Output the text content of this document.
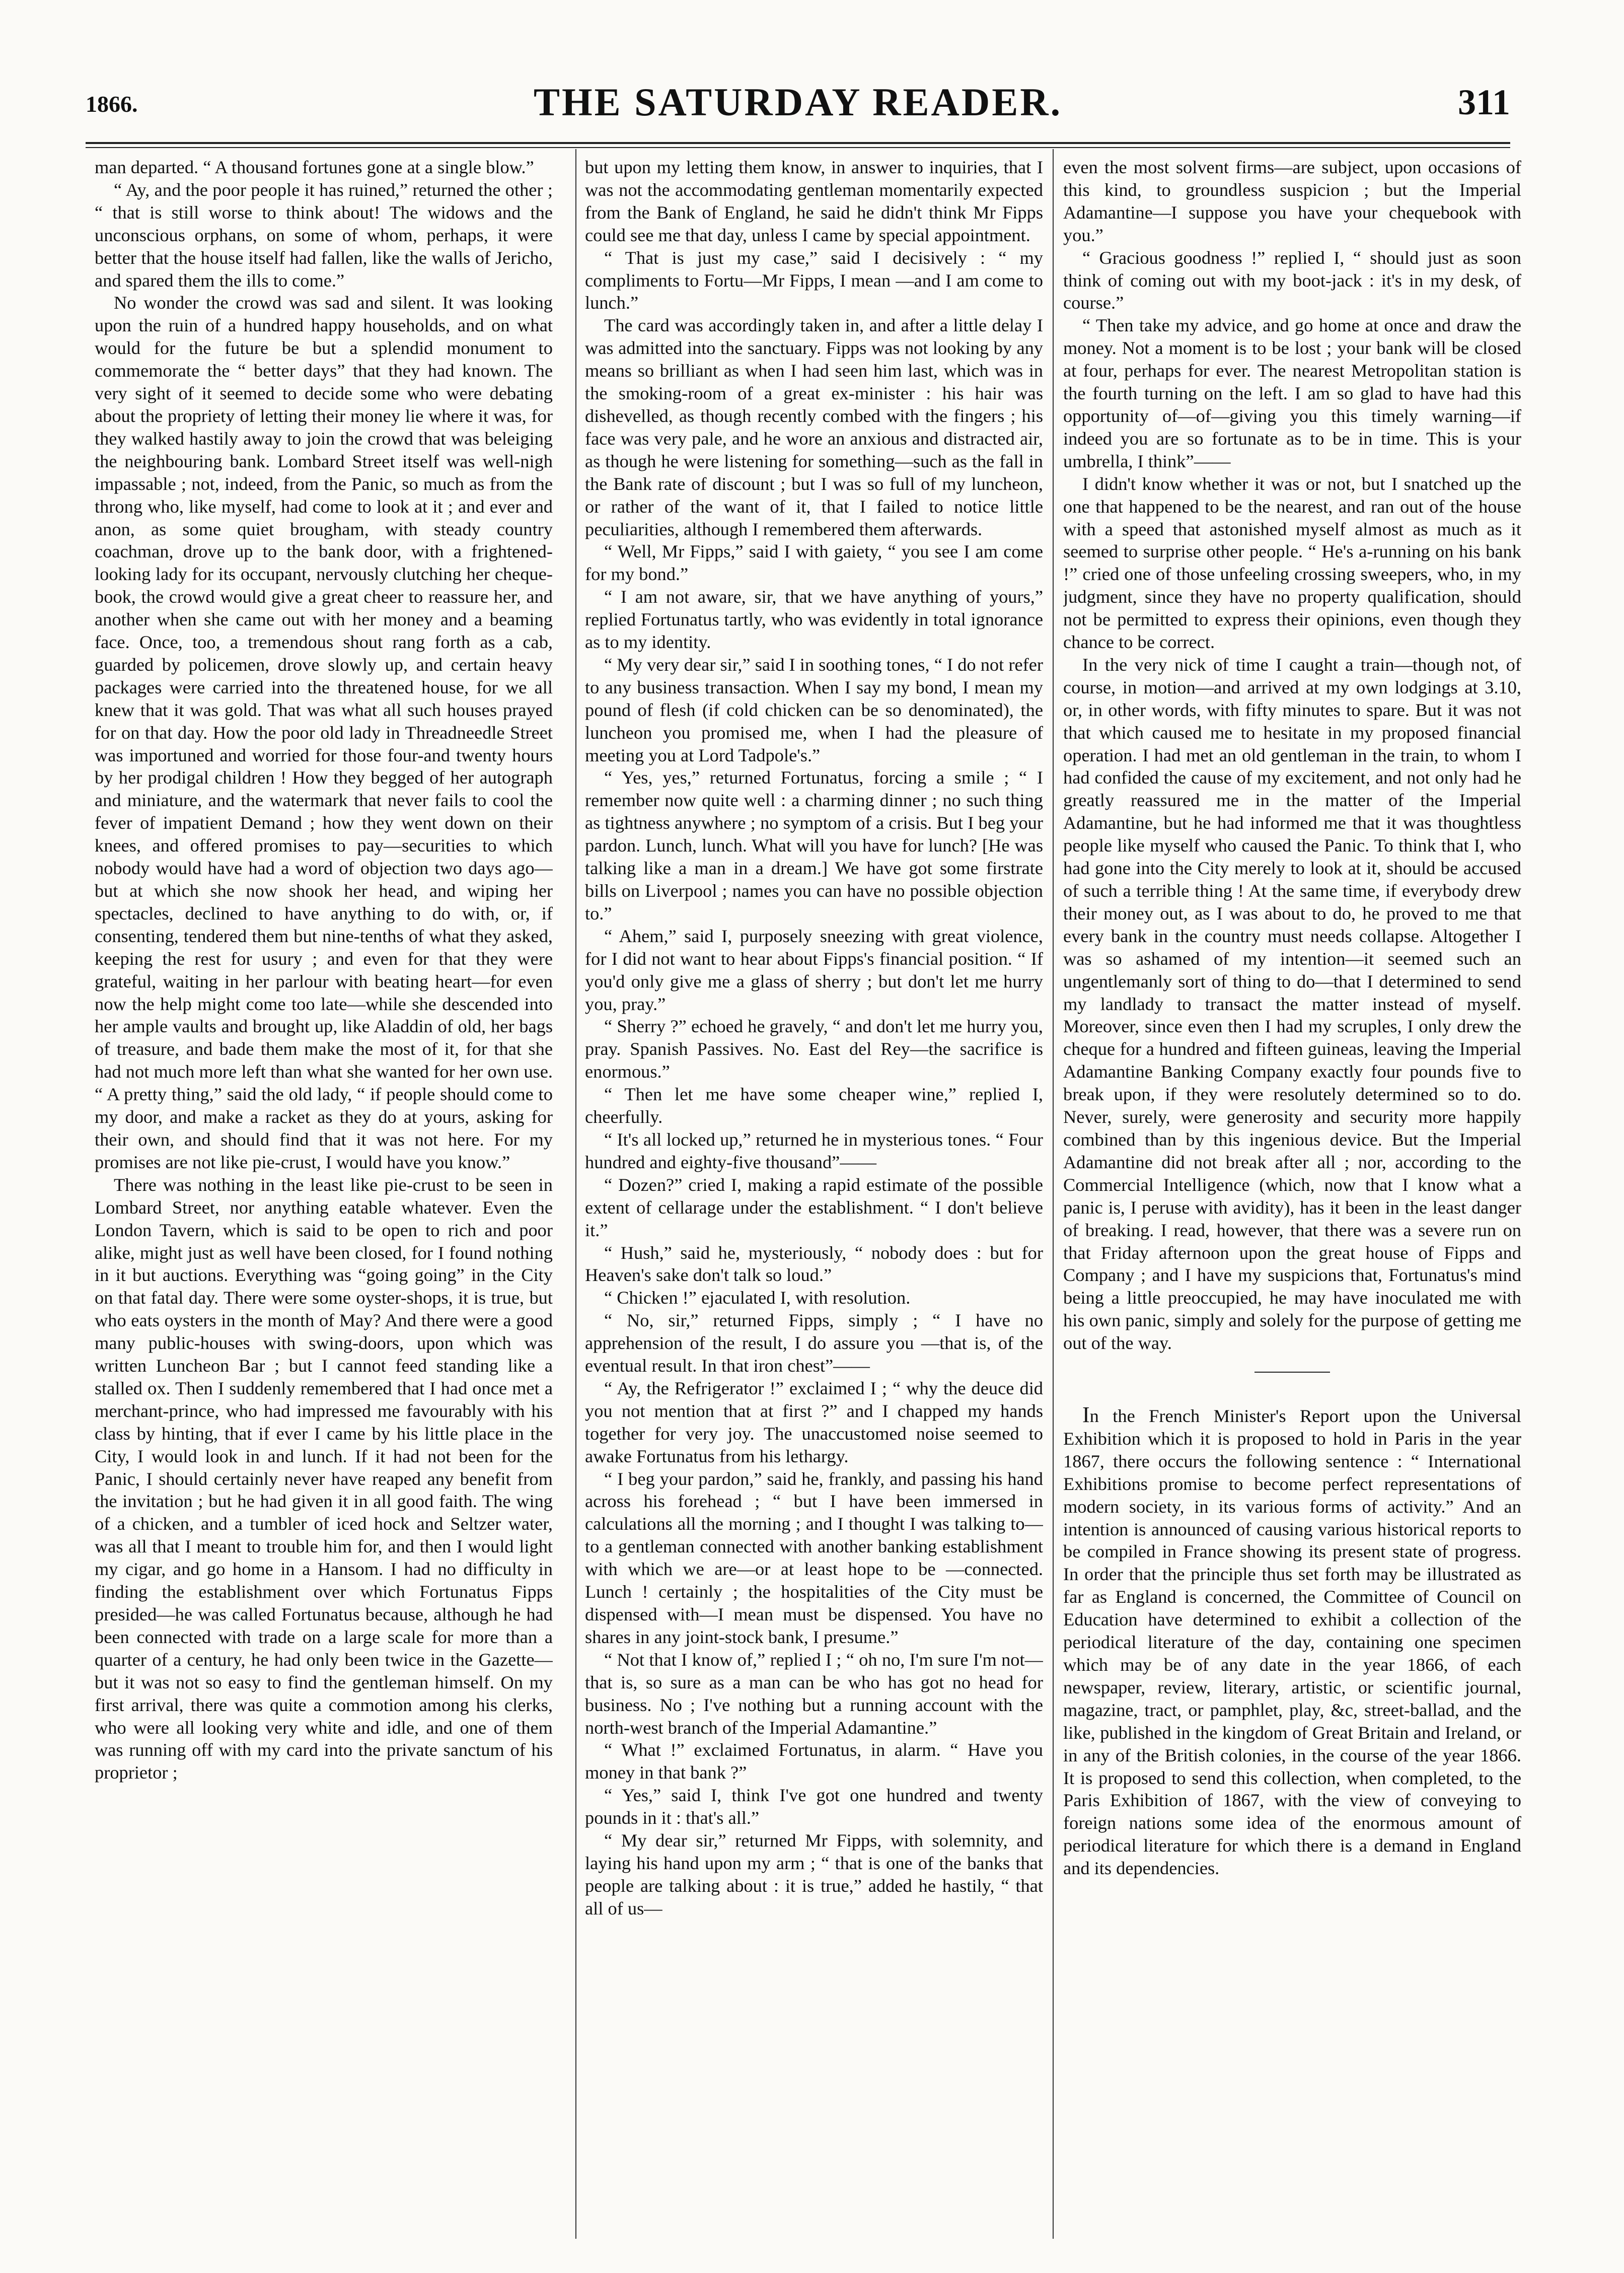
1866.	THE SATURDAY READER.	311

man departed. “ A thousand fortunes gone at a single blow.”

“ Ay, and the poor people it has ruined,” returned the other ; “ that is still worse to think about! The widows and the unconscious orphans, on some of whom, perhaps, it were better that the house itself had fallen, like the walls of Jericho, and spared them the ills to come.”

No wonder the crowd was sad and silent. It was looking upon the ruin of a hundred happy households, and on what would for the future be but a splendid monument to commemorate the “ better days” that they had known. The very sight of it seemed to decide some who were debating about the propriety of letting their money lie where it was, for they walked hastily away to join the crowd that was beleiging the neighbouring bank. Lombard Street itself was well-nigh impassable ; not, indeed, from the Panic, so much as from the throng who, like myself, had come to look at it ; and ever and anon, as some quiet brougham, with steady country coachman, drove up to the bank door, with a frightened-looking lady for its occupant, nervously clutching her cheque-book, the crowd would give a great cheer to reassure her, and another when she came out with her money and a beaming face. Once, too, a tremendous shout rang forth as a cab, guarded by policemen, drove slowly up, and certain heavy packages were carried into the threatened house, for we all knew that it was gold. That was what all such houses prayed for on that day. How the poor old lady in Threadneedle Street was importuned and worried for those four-and twenty hours by her prodigal children ! How they begged of her autograph and miniature, and the watermark that never fails to cool the fever of impatient Demand ; how they went down on their knees, and offered promises to pay—securities to which nobody would have had a word of objection two days ago—but at which she now shook her head, and wiping her spectacles, declined to have anything to do with, or, if consenting, tendered them but nine-tenths of what they asked, keeping the rest for usury ; and even for that they were grateful, waiting in her parlour with beating heart—for even now the help might come too late—while she descended into her ample vaults and brought up, like Aladdin of old, her bags of treasure, and bade them make the most of it, for that she had not much more left than what she wanted for her own use. “ A pretty thing,” said the old lady, “ if people should come to my door, and make a racket as they do at yours, asking for their own, and should find that it was not here. For my promises are not like pie-crust, I would have you know.”

There was nothing in the least like pie-crust to be seen in Lombard Street, nor anything eatable whatever. Even the London Tavern, which is said to be open to rich and poor alike, might just as well have been closed, for I found nothing in it but auctions. Everything was “going going” in the City on that fatal day. There were some oyster-shops, it is true, but who eats oysters in the month of May? And there were a good many public-houses with swing-doors, upon which was written Luncheon Bar ; but I cannot feed standing like a stalled ox. Then I suddenly remembered that I had once met a merchant-prince, who had impressed me favourably with his class by hinting, that if ever I came by his little place in the City, I would look in and lunch. If it had not been for the Panic, I should certainly never have reaped any benefit from the invitation ; but he had given it in all good faith. The wing of a chicken, and a tumbler of iced hock and Seltzer water, was all that I meant to trouble him for, and then I would light my cigar, and go home in a Hansom. I had no difficulty in finding the establishment over which Fortunatus Fipps presided—he was called Fortunatus because, although he had been connected with trade on a large scale for more than a quarter of a century, he had only been twice in the Gazette—but it was not so easy to find the gentleman himself. On my first arrival, there was quite a commotion among his clerks, who were all looking very white and idle, and one of them was running off with my card into the private sanctum of his proprietor ;

but upon my letting them know, in answer to inquiries, that I was not the accommodating gentleman momentarily expected from the Bank of England, he said he didn't think Mr Fipps could see me that day, unless I came by special appointment.

“ That is just my case,” said I decisively : “ my compliments to Fortu—Mr Fipps, I mean —and I am come to lunch.”

The card was accordingly taken in, and after a little delay I was admitted into the sanctuary. Fipps was not looking by any means so brilliant as when I had seen him last, which was in the smoking-room of a great ex-minister : his hair was dishevelled, as though recently combed with the fingers ; his face was very pale, and he wore an anxious and distracted air, as though he were listening for something—such as the fall in the Bank rate of discount ; but I was so full of my luncheon, or rather of the want of it, that I failed to notice little peculiarities, although I remembered them afterwards.

“ Well, Mr Fipps,” said I with gaiety, “ you see I am come for my bond.”

“ I am not aware, sir, that we have anything of yours,” replied Fortunatus tartly, who was evidently in total ignorance as to my identity.

“ My very dear sir,” said I in soothing tones, “ I do not refer to any business transaction. When I say my bond, I mean my pound of flesh (if cold chicken can be so denominated), the luncheon you promised me, when I had the pleasure of meeting you at Lord Tadpole's.”

“ Yes, yes,” returned Fortunatus, forcing a smile ; “ I remember now quite well : a charming dinner ; no such thing as tightness anywhere ; no symptom of a crisis. But I beg your pardon. Lunch, lunch. What will you have for lunch? [He was talking like a man in a dream.] We have got some firstrate bills on Liverpool ; names you can have no possible objection to.”

“ Ahem,” said I, purposely sneezing with great violence, for I did not want to hear about Fipps's financial position. “ If you'd only give me a glass of sherry ; but don't let me hurry you, pray.”

“ Sherry ?” echoed he gravely, “ and don't let me hurry you, pray. Spanish Passives. No. East del Rey—the sacrifice is enormous.”

“ Then let me have some cheaper wine,” replied I, cheerfully.

“ It's all locked up,” returned he in mysterious tones. “ Four hundred and eighty-five thousand”——

“ Dozen?” cried I, making a rapid estimate of the possible extent of cellarage under the establishment. “ I don't believe it.”

“ Hush,” said he, mysteriously, “ nobody does : but for Heaven's sake don't talk so loud.”

“ Chicken !” ejaculated I, with resolution.

“ No, sir,” returned Fipps, simply ; “ I have no apprehension of the result, I do assure you —that is, of the eventual result. In that iron chest”——

“ Ay, the Refrigerator !” exclaimed I ; “ why the deuce did you not mention that at first ?” and I chapped my hands together for very joy. The unaccustomed noise seemed to awake Fortunatus from his lethargy.

“ I beg your pardon,” said he, frankly, and passing his hand across his forehead ; “ but I have been immersed in calculations all the morning ; and I thought I was talking to—to a gentleman connected with another banking establishment with which we are—or at least hope to be —connected. Lunch ! certainly ; the hospitalities of the City must be dispensed with—I mean must be dispensed. You have no shares in any joint-stock bank, I presume.”

“ Not that I know of,” replied I ; “ oh no, I'm sure I'm not—that is, so sure as a man can be who has got no head for business. No ; I've nothing but a running account with the north-west branch of the Imperial Adamantine.”

“ What !” exclaimed Fortunatus, in alarm. “ Have you money in that bank ?”

“ Yes,” said I, think I've got one hundred and twenty pounds in it : that's all.”

“ My dear sir,” returned Mr Fipps, with solemnity, and laying his hand upon my arm ; “ that is one of the banks that people are talking about : it is true,” added he hastily, “ that all of us—

even the most solvent firms—are subject, upon occasions of this kind, to groundless suspicion ; but the Imperial Adamantine—I suppose you have your chequebook with you.”

“ Gracious goodness !” replied I, “ should just as soon think of coming out with my boot-jack : it's in my desk, of course.”

“ Then take my advice, and go home at once and draw the money. Not a moment is to be lost ; your bank will be closed at four, perhaps for ever. The nearest Metropolitan station is the fourth turning on the left. I am so glad to have had this opportunity of—of—giving you this timely warning—if indeed you are so fortunate as to be in time. This is your umbrella, I think”——

I didn't know whether it was or not, but I snatched up the one that happened to be the nearest, and ran out of the house with a speed that astonished myself almost as much as it seemed to surprise other people. “ He's a-running on his bank !” cried one of those unfeeling crossing sweepers, who, in my judgment, since they have no property qualification, should not be permitted to express their opinions, even though they chance to be correct.

In the very nick of time I caught a train—though not, of course, in motion—and arrived at my own lodgings at 3.10, or, in other words, with fifty minutes to spare. But it was not that which caused me to hesitate in my proposed financial operation. I had met an old gentleman in the train, to whom I had confided the cause of my excitement, and not only had he greatly reassured me in the matter of the Imperial Adamantine, but he had informed me that it was thoughtless people like myself who caused the Panic. To think that I, who had gone into the City merely to look at it, should be accused of such a terrible thing ! At the same time, if everybody drew their money out, as I was about to do, he proved to me that every bank in the country must needs collapse. Altogether I was so ashamed of my intention—it seemed such an ungentlemanly sort of thing to do—that I determined to send my landlady to transact the matter instead of myself. Moreover, since even then I had my scruples, I only drew the cheque for a hundred and fifteen guineas, leaving the Imperial Adamantine Banking Company exactly four pounds five to break upon, if they were resolutely determined so to do. Never, surely, were generosity and security more happily combined than by this ingenious device. But the Imperial Adamantine did not break after all ; nor, according to the Commercial Intelligence (which, now that I know what a panic is, I peruse with avidity), has it been in the least danger of breaking. I read, however, that there was a severe run on that Friday afternoon upon the great house of Fipps and Company ; and I have my suspicions that, Fortunatus's mind being a little preoccupied, he may have inoculated me with his own panic, simply and solely for the purpose of getting me out of the way.

In the French Minister's Report upon the Universal Exhibition which it is proposed to hold in Paris in the year 1867, there occurs the following sentence : “ International Exhibitions promise to become perfect representations of modern society, in its various forms of activity.” And an intention is announced of causing various historical reports to be compiled in France showing its present state of progress. In order that the principle thus set forth may be illustrated as far as England is concerned, the Committee of Council on Education have determined to exhibit a collection of the periodical literature of the day, containing one specimen which may be of any date in the year 1866, of each newspaper, review, literary, artistic, or scientific journal, magazine, tract, or pamphlet, play, &c, street-ballad, and the like, published in the kingdom of Great Britain and Ireland, or in any of the British colonies, in the course of the year 1866. It is proposed to send this collection, when completed, to the Paris Exhibition of 1867, with the view of conveying to foreign nations some idea of the enormous amount of periodical literature for which there is a demand in England and its dependencies.
